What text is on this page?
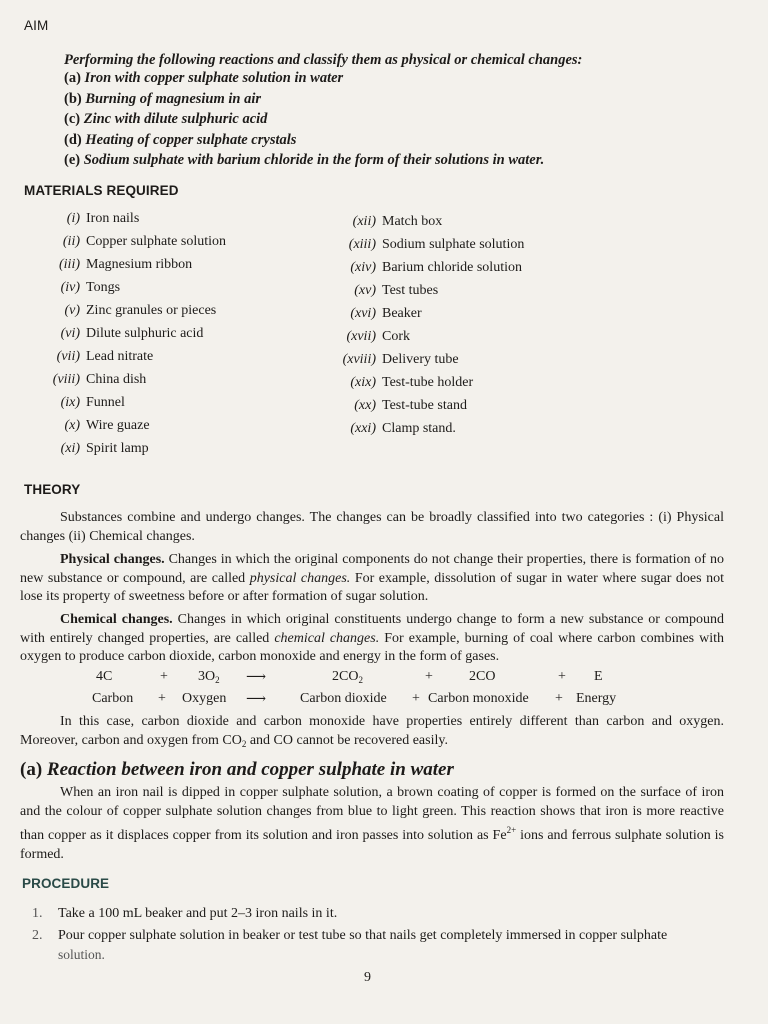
AIM
Performing the following reactions and classify them as physical or chemical changes:
(a) Iron with copper sulphate solution in water
(b) Burning of magnesium in air
(c) Zinc with dilute sulphuric acid
(d) Heating of copper sulphate crystals
(e) Sodium sulphate with barium chloride in the form of their solutions in water.
MATERIALS REQUIRED
(i) Iron nails
(ii) Copper sulphate solution
(iii) Magnesium ribbon
(iv) Tongs
(v) Zinc granules or pieces
(vi) Dilute sulphuric acid
(vii) Lead nitrate
(viii) China dish
(ix) Funnel
(x) Wire guaze
(xi) Spirit lamp
(xii) Match box
(xiii) Sodium sulphate solution
(xiv) Barium chloride solution
(xv) Test tubes
(xvi) Beaker
(xvii) Cork
(xviii) Delivery tube
(xix) Test-tube holder
(xx) Test-tube stand
(xxi) Clamp stand.
THEORY
Substances combine and undergo changes. The changes can be broadly classified into two categories : (i) Physical changes (ii) Chemical changes.
Physical changes. Changes in which the original components do not change their properties, there is formation of no new substance or compound, are called physical changes. For example, dissolution of sugar in water where sugar does not lose its property of sweetness before or after formation of sugar solution.
Chemical changes. Changes in which original constituents undergo change to form a new substance or compound with entirely changed properties, are called chemical changes. For example, burning of coal where carbon combines with oxygen to produce carbon dioxide, carbon monoxide and energy in the form of gases.
4C	+ $3O_2$ ⟶	$2CO_2$	+	2CO	+ E
Carbon + Oxygen ⟶ Carbon dioxide + Carbon monoxide + Energy
In this case, carbon dioxide and carbon monoxide have properties entirely different than carbon and oxygen. Moreover, carbon and oxygen from $CO_2$ and CO cannot be recovered easily.
(a) Reaction between iron and copper sulphate in water
When an iron nail is dipped in copper sulphate solution, a brown coating of copper is formed on the surface of iron and the colour of copper sulphate solution changes from blue to light green. This reaction shows that iron is more reactive than copper as it displaces copper from its solution and iron passes into solution as $Fe^{2+}$ ions and ferrous sulphate solution is formed.
PROCEDURE
1. Take a 100 mL beaker and put 2–3 iron nails in it.
2. Pour copper sulphate solution in beaker or test tube so that nails get completely immersed in copper sulphate
solution.
9
